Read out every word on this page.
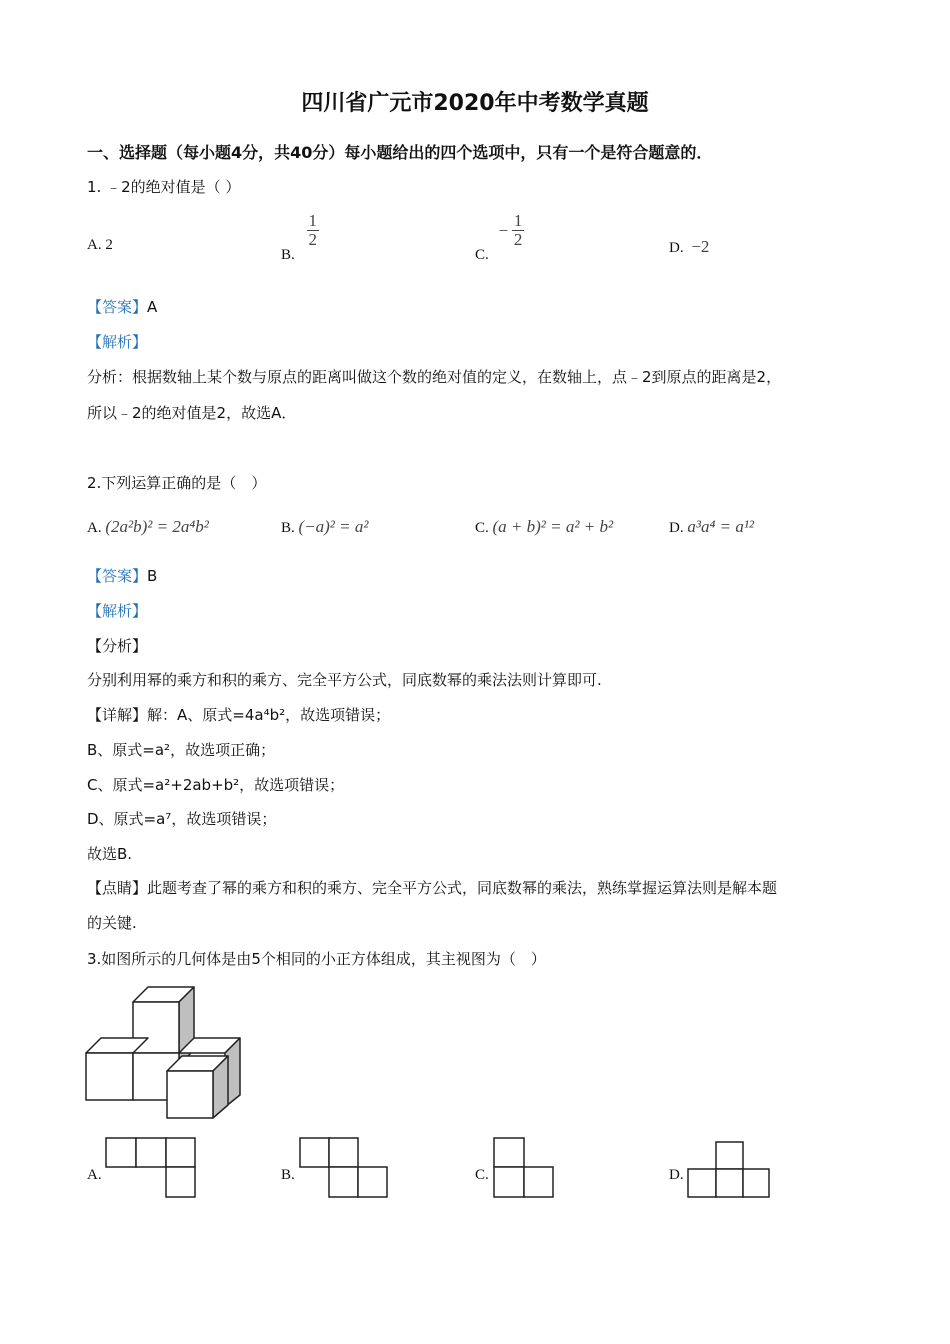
四川省广元市2020年中考数学真题
一、选择题（每小题4分，共40分）每小题给出的四个选项中，只有一个是符合题意的．
1. ﹣2的绝对值是（ ）
A. 2
B.
$\frac{1}{2}$
C. − $\frac{1}{2}$	D. −2
【答案】A
【解析】
分析：根据数轴上某个数与原点的距离叫做这个数的绝对值的定义，在数轴上，点﹣2到原点的距离是2，
所以﹣2的绝对值是2，故选A．
2.下列运算正确的是（　）
A. (2a²b)² = 2a⁴b²	B. (−a)² = a²	C. (a + b)² = a² + b²	D. a³a⁴ = a¹²
【答案】B
【解析】
【分析】
分别利用幂的乘方和积的乘方、完全平方公式，同底数幂的乘法法则计算即可.
【详解】解：A、原式=4a⁴b²，故选项错误；
B、原式=a²，故选项正确；
C、原式=a²+2ab+b²，故选项错误；
D、原式=a⁷，故选项错误；
故选B.
【点睛】此题考查了幂的乘方和积的乘方、完全平方公式，同底数幂的乘法，熟练掌握运算法则是解本题
的关键.
3.如图所示的几何体是由5个相同的小正方体组成，其主视图为（　）
A.	B.	C.	D.
